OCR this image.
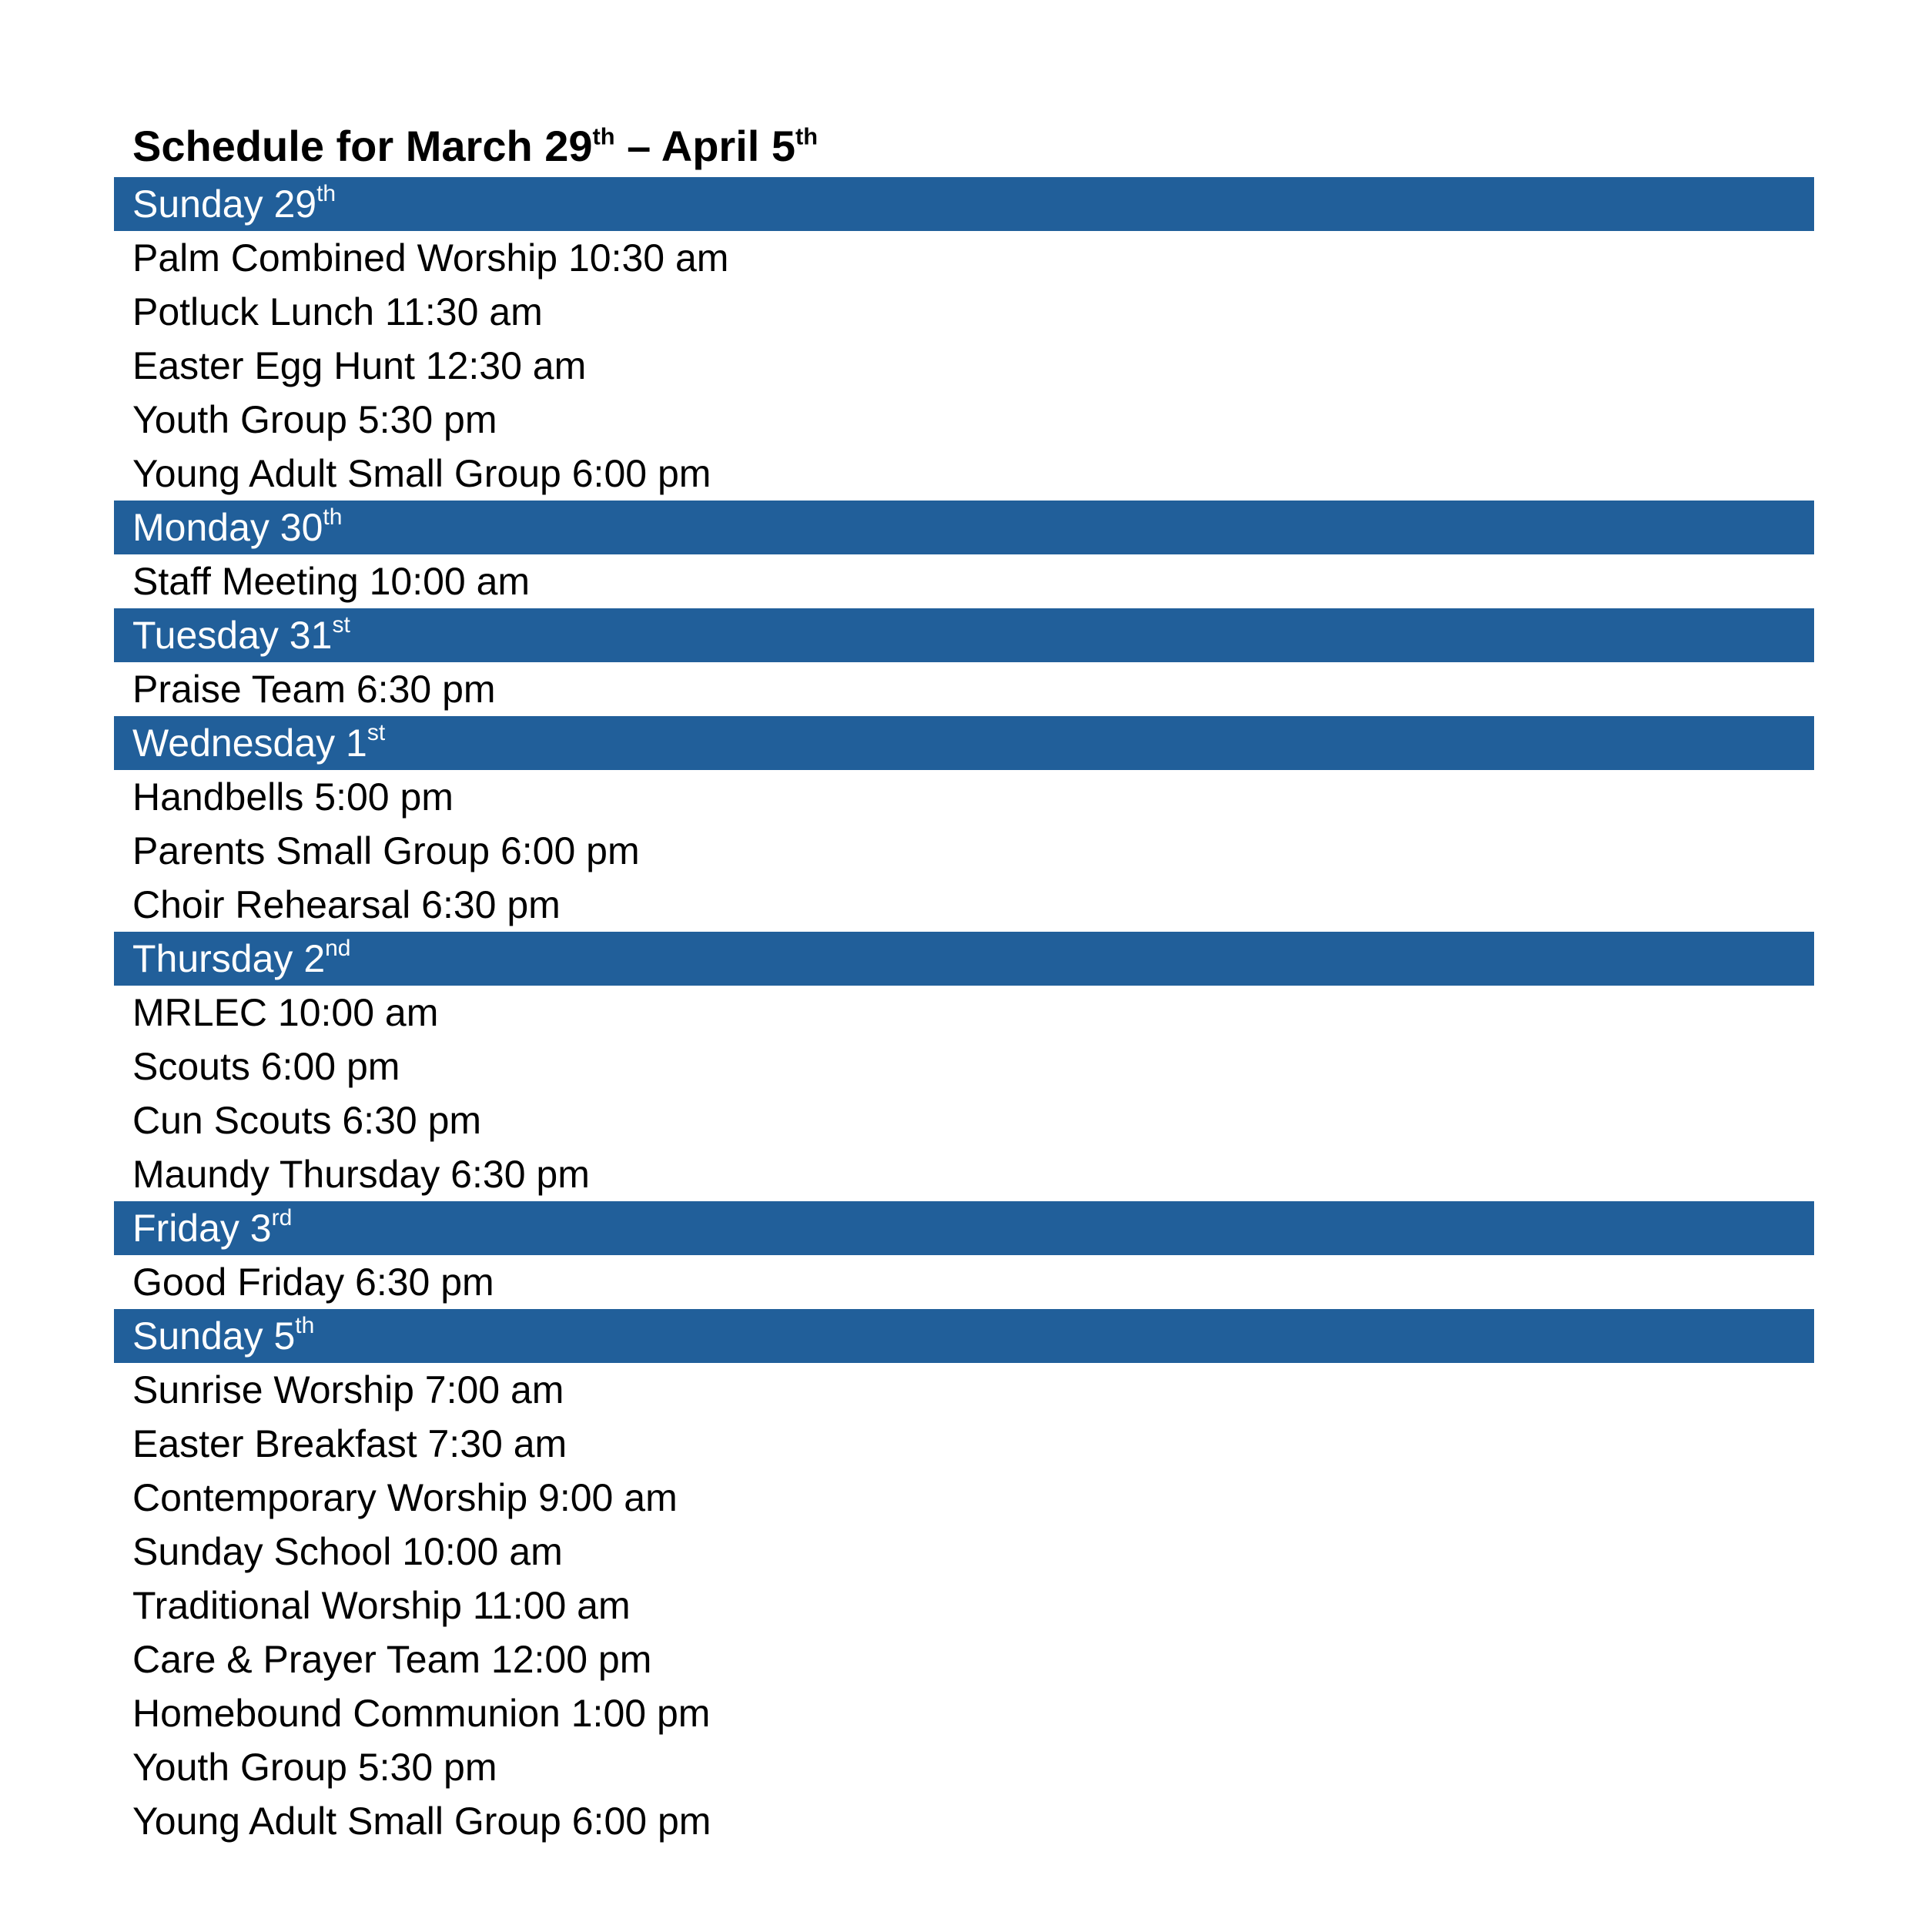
Schedule for March 29th – April 5th
Sunday 29th
Palm Combined Worship 10:30 am
Potluck Lunch 11:30 am
Easter Egg Hunt 12:30 am
Youth Group 5:30 pm
Young Adult Small Group 6:00 pm
Monday 30th
Staff Meeting 10:00 am
Tuesday 31st
Praise Team 6:30 pm
Wednesday 1st
Handbells 5:00 pm
Parents Small Group 6:00 pm
Choir Rehearsal 6:30 pm
Thursday 2nd
MRLEC 10:00 am
Scouts 6:00 pm
Cun Scouts 6:30 pm
Maundy Thursday 6:30 pm
Friday 3rd
Good Friday 6:30 pm
Sunday 5th
Sunrise Worship 7:00 am
Easter Breakfast 7:30 am
Contemporary Worship 9:00 am
Sunday School 10:00 am
Traditional Worship 11:00 am
Care & Prayer Team 12:00 pm
Homebound Communion 1:00 pm
Youth Group 5:30 pm
Young Adult Small Group 6:00 pm
